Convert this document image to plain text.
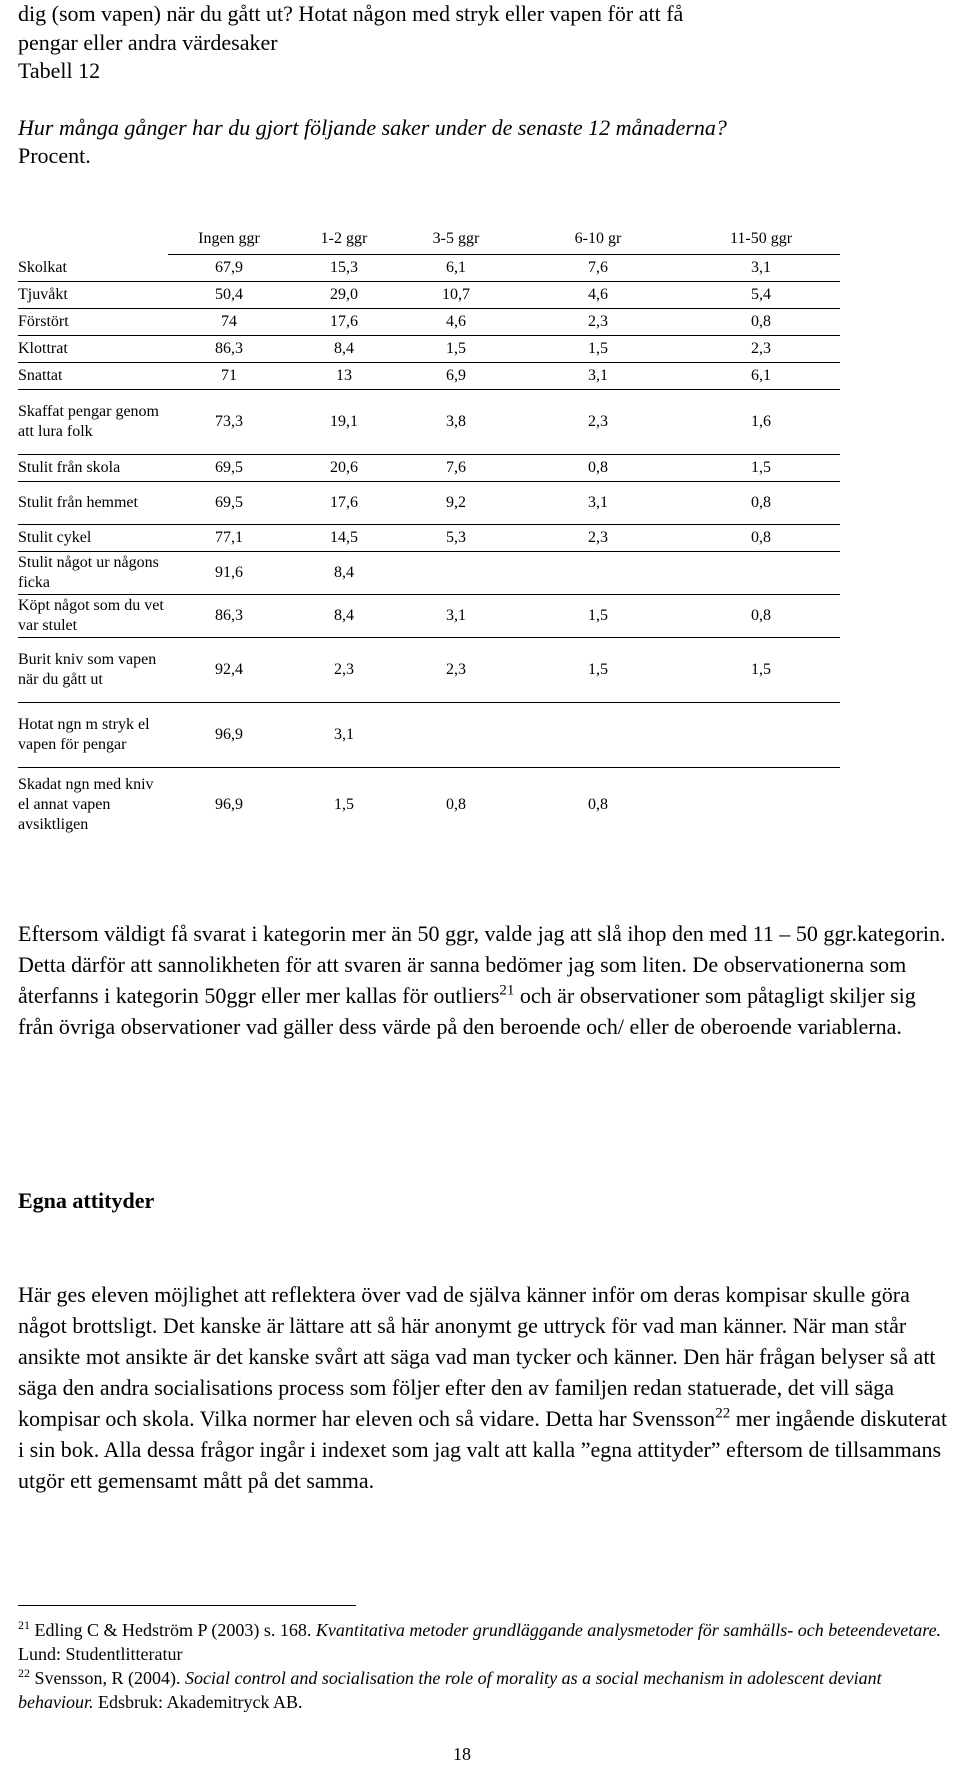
dig (som vapen) när du gått ut? Hotat någon med stryk eller vapen för att få

pengar eller andra värdesaker

Tabell 12

Hur många gånger har du gjort följande saker under de senaste 12 månaderna?

Procent.

	Ingen ggr	1-2 ggr	3-5 ggr	6-10 gr	11-50 ggr
Skolkat	67,9	15,3	6,1	7,6	3,1
Tjuvåkt	50,4	29,0	10,7	4,6	5,4
Förstört	74	17,6	4,6	2,3	0,8
Klottrat	86,3	8,4	1,5	1,5	2,3
Snattat	71	13	6,9	3,1	6,1
Skaffat pengar genom att lura folk	73,3	19,1	3,8	2,3	1,6
Stulit från skola	69,5	20,6	7,6	0,8	1,5
Stulit från hemmet	69,5	17,6	9,2	3,1	0,8
Stulit cykel	77,1	14,5	5,3	2,3	0,8
Stulit något ur någons ficka	91,6	8,4			
Köpt något som du vet var stulet	86,3	8,4	3,1	1,5	0,8
Burit kniv som vapen när du gått ut	92,4	2,3	2,3	1,5	1,5
Hotat ngn m stryk el vapen för pengar	96,9	3,1			
Skadat ngn med kniv el annat vapen avsiktligen	96,9	1,5	0,8	0,8	

Eftersom väldigt få svarat i kategorin mer än 50 ggr, valde jag att slå ihop den med 11 – 50 ggr.kategorin. Detta därför att sannolikheten för att svaren är sanna bedömer jag som liten. De observationerna som återfanns i kategorin 50ggr eller mer kallas för outliers$^{21}$ och är observationer som påtagligt skiljer sig från övriga observationer vad gäller dess värde på den beroende och/ eller de oberoende variablerna.

Egna attityder

Här ges eleven möjlighet att reflektera över vad de själva känner inför om deras kompisar skulle göra något brottsligt. Det kanske är lättare att så här anonymt ge uttryck för vad man känner. När man står ansikte mot ansikte är det kanske svårt att säga vad man tycker och känner. Den här frågan belyser så att säga den andra socialisations process som följer efter den av familjen redan statuerade, det vill säga kompisar och skola. Vilka normer har eleven och så vidare. Detta har Svensson$^{22}$ mer ingående diskuterat i sin bok. Alla dessa frågor ingår i indexet som jag valt att kalla ”egna attityder” eftersom de tillsammans utgör ett gemensamt mått på det samma.

$^{21}$ Edling C & Hedström P (2003) s. 168. Kvantitativa metoder grundläggande analysmetoder för samhälls- och beteendevetare. Lund: Studentlitteratur

$^{22}$ Svensson, R (2004). Social control and socialisation the role of morality as a social mechanism in adolescent deviant behaviour. Edsbruk: Akademitryck AB.

18
